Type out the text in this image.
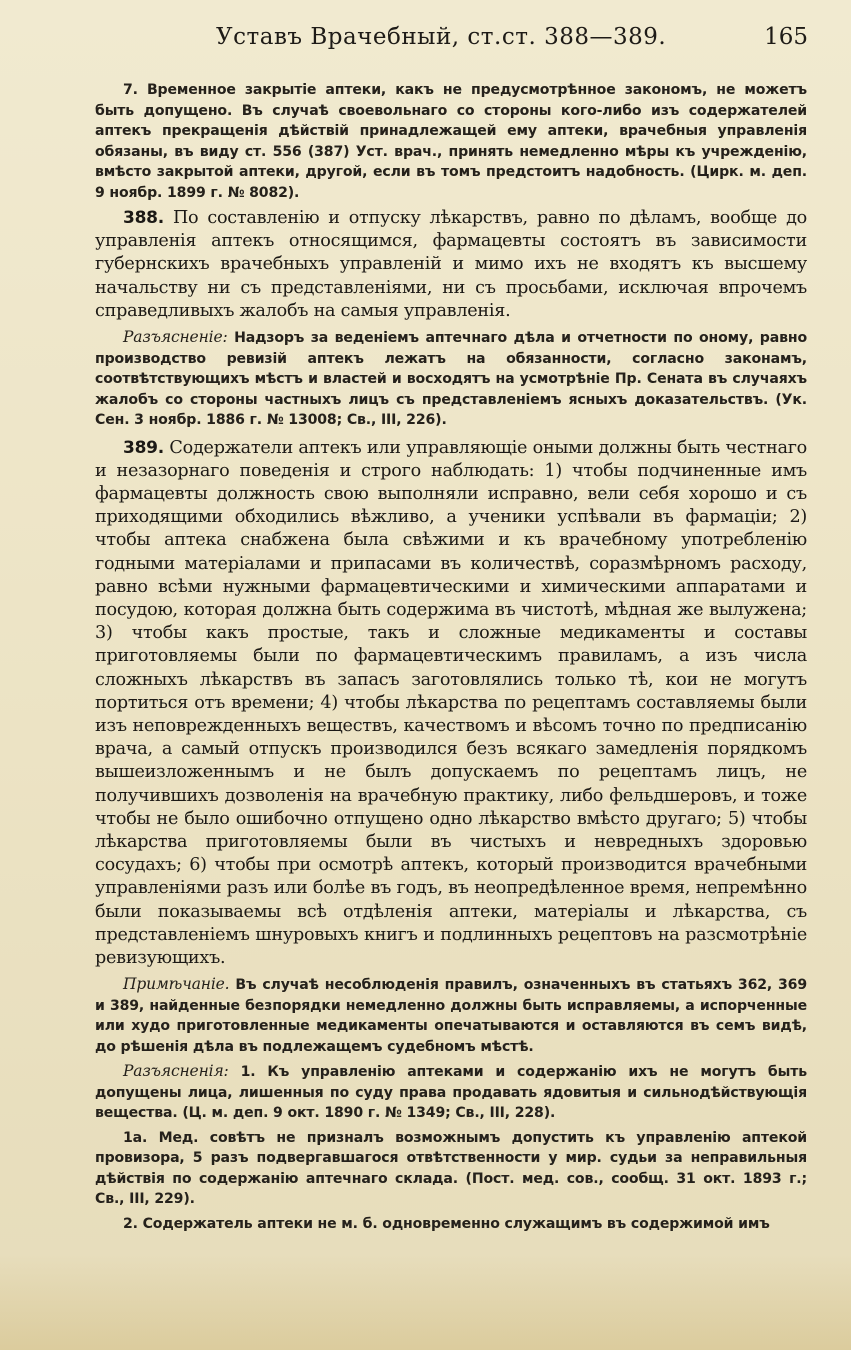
Уставъ Врачебный, ст.ст. 388—389.	165

7. Временное закрытіе аптеки, какъ не предусмотрѣнное закономъ, не можетъ быть допущено. Въ случаѣ своевольнаго со стороны кого-либо изъ содержателей аптекъ прекращенія дѣйствій принадлежащей ему аптеки, врачебныя управленія обязаны, въ виду ст. 556 (387) Уст. врач., принять немедленно мѣры къ учрежденію, вмѣсто закрытой аптеки, другой, если въ томъ предстоитъ надобность. (Цирк. м. деп. 9 ноябр. 1899 г. № 8082).

388. По составленію и отпуску лѣкарствъ, равно по дѣламъ, вообще до управленія аптекъ относящимся, фармацевты состоятъ въ зависимости губернскихъ врачебныхъ управленій и мимо ихъ не входятъ къ высшему начальству ни съ представленіями, ни съ просьбами, исключая впрочемъ справедливыхъ жалобъ на самыя управленія.

Разъясненіе: Надзоръ за веденіемъ аптечнаго дѣла и отчетности по оному, равно производство ревизій аптекъ лежатъ на обязанности, согласно законамъ, соотвѣтствующихъ мѣстъ и властей и восходятъ на усмотрѣніе Пр. Сената въ случаяхъ жалобъ со стороны частныхъ лицъ съ представленіемъ ясныхъ доказательствъ. (Ук. Сен. 3 ноябр. 1886 г. № 13008; Св., III, 226).

389. Содержатели аптекъ или управляющіе оными должны быть честнаго и незазорнаго поведенія и строго наблюдать: 1) чтобы подчиненные имъ фармацевты должность свою выполняли исправно, вели себя хорошо и съ приходящими обходились вѣжливо, а ученики успѣвали въ фармаціи; 2) чтобы аптека снабжена была свѣжими и къ врачебному употребленію годными матеріалами и припасами въ количествѣ, соразмѣрномъ расходу, равно всѣми нужными фармацевтическими и химическими аппаратами и посудою, которая должна быть содержима въ чистотѣ, мѣдная же вылужена; 3) чтобы какъ простые, такъ и сложные медикаменты и составы приготовляемы были по фармацевтическимъ правиламъ, а изъ числа сложныхъ лѣкарствъ въ запасъ заготовлялись только тѣ, кои не могутъ портиться отъ времени; 4) чтобы лѣкарства по рецептамъ составляемы были изъ неповрежденныхъ веществъ, качествомъ и вѣсомъ точно по предписанію врача, а самый отпускъ производился безъ всякаго замедленія порядкомъ вышеизложеннымъ и не былъ допускаемъ по рецептамъ лицъ, не получившихъ дозволенія на врачебную практику, либо фельдшеровъ, и тоже чтобы не было ошибочно отпущено одно лѣкарство вмѣсто другаго; 5) чтобы лѣкарства приготовляемы были въ чистыхъ и невредныхъ здоровью сосудахъ; 6) чтобы при осмотрѣ аптекъ, который производится врачебными управленіями разъ или болѣе въ годъ, въ неопредѣленное время, непремѣнно были показываемы всѣ отдѣленія аптеки, матеріалы и лѣкарства, съ представленіемъ шнуровыхъ книгъ и подлинныхъ рецептовъ на разсмотрѣніе ревизующихъ.

Примѣчаніе. Въ случаѣ несоблюденія правилъ, означенныхъ въ статьяхъ 362, 369 и 389, найденные безпорядки немедленно должны быть исправляемы, а испорченные или худо приготовленные медикаменты опечатываются и оставляются въ семъ видѣ, до рѣшенія дѣла въ подлежащемъ судебномъ мѣстѣ.

Разъясненія: 1. Къ управленію аптеками и содержанію ихъ не могутъ быть допущены лица, лишенныя по суду права продавать ядовитыя и сильнодѣйствующія вещества. (Ц. м. деп. 9 окт. 1890 г. № 1349; Св., III, 228).

1а. Мед. совѣтъ не призналъ возможнымъ допустить къ управленію аптекой провизора, 5 разъ подвергавшагося отвѣтственности у мир. судьи за неправильныя дѣйствія по содержанію аптечнаго склада. (Пост. мед. сов., сообщ. 31 окт. 1893 г.; Св., III, 229).

2. Содержатель аптеки не м. б. одновременно служащимъ въ содержимой имъ
